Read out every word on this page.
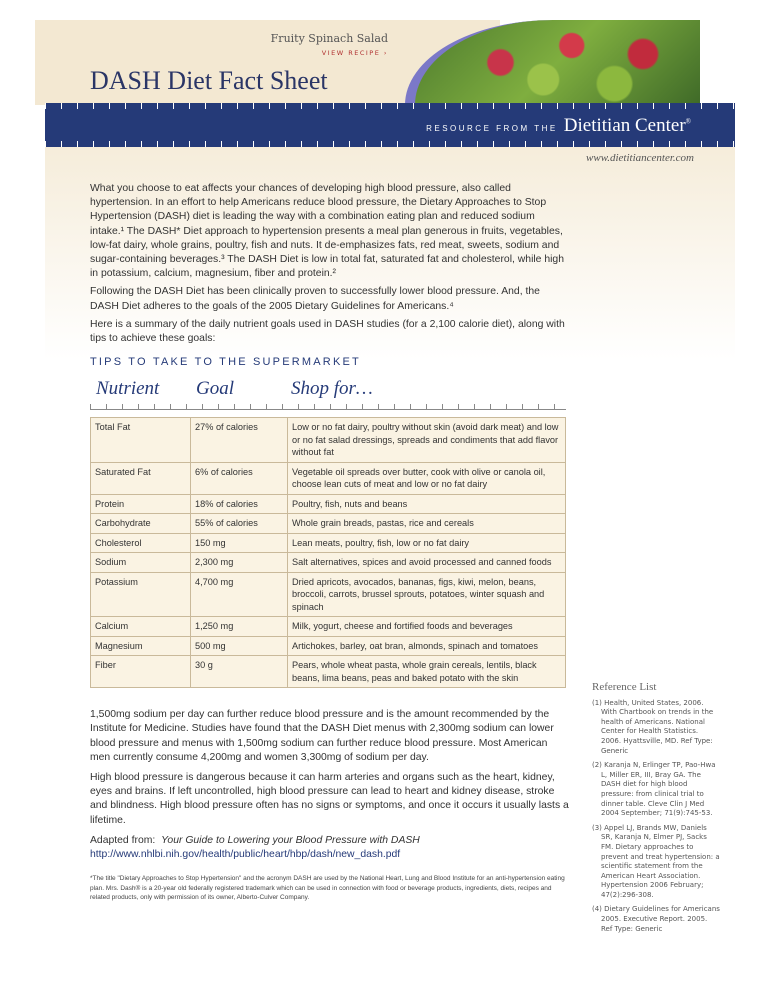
Fruity Spinach Salad
VIEW RECIPE ›
DASH Diet Fact Sheet
RESOURCE FROM THE Dietitian Center®
www.dietitiancenter.com

What you choose to eat affects your chances of developing high blood pressure, also called hypertension. In an effort to help Americans reduce blood pressure, the Dietary Approaches to Stop Hypertension (DASH) diet is leading the way with a combination eating plan and reduced sodium intake.¹ The DASH* Diet approach to hypertension presents a meal plan generous in fruits, vegetables, low-fat dairy, whole grains, poultry, fish and nuts. It de-emphasizes fats, red meat, sweets, sodium and sugar-containing beverages.³ The DASH Diet is low in total fat, saturated fat and cholesterol, while high in potassium, calcium, magnesium, fiber and protein.²

Following the DASH Diet has been clinically proven to successfully lower blood pressure. And, the DASH Diet adheres to the goals of the 2005 Dietary Guidelines for Americans.⁴

Here is a summary of the daily nutrient goals used in DASH studies (for a 2,100 calorie diet), along with tips to achieve these goals:

TIPS TO TAKE TO THE SUPERMARKET
Nutrient Goal	Shop for…
Total Fat	27% of calories	Low or no fat dairy, poultry without skin (avoid dark meat) and low or no fat salad dressings, spreads and condiments that add flavor without fat
Saturated Fat	6% of calories	Vegetable oil spreads over butter, cook with olive or canola oil, choose lean cuts of meat and low or no fat dairy
Protein	18% of calories	Poultry, fish, nuts and beans
Carbohydrate	55% of calories	Whole grain breads, pastas, rice and cereals
Cholesterol	150 mg	Lean meats, poultry, fish, low or no fat dairy
Sodium	2,300 mg	Salt alternatives, spices and avoid processed and canned foods
Potassium	4,700 mg	Dried apricots, avocados, bananas, figs, kiwi, melon, beans, broccoli, carrots, brussel sprouts, potatoes, winter squash and spinach
Calcium	1,250 mg	Milk, yogurt, cheese and fortified foods and beverages
Magnesium	500 mg	Artichokes, barley, oat bran, almonds, spinach and tomatoes
Fiber	30 g	Pears, whole wheat pasta, whole grain cereals, lentils, black beans, lima beans, peas and baked potato with the skin

1,500mg sodium per day can further reduce blood pressure and is the amount recommended by the Institute for Medicine. Studies have found that the DASH Diet menus with 2,300mg sodium can lower blood pressure and menus with 1,500mg sodium can further reduce blood pressure. Most American men currently consume 4,200mg and women 3,300mg of sodium per day.

High blood pressure is dangerous because it can harm arteries and organs such as the heart, kidney, eyes and brains. If left uncontrolled, high blood pressure can lead to heart and kidney disease, stroke and blindness. High blood pressure often has no signs or symptoms, and once it occurs it usually lasts a lifetime.

Adapted from: Your Guide to Lowering your Blood Pressure with DASH
http://www.nhlbi.nih.gov/health/public/heart/hbp/dash/new_dash.pdf
*The title "Dietary Approaches to Stop Hypertension" and the acronym DASH are used by the National Heart, Lung and Blood Institute for an anti-hypertension eating plan. Mrs. Dash® is a 20-year old federally registered trademark which can be used in connection with food or beverage products, ingredients, diets, recipes and related products, only with permission of its owner, Alberto-Culver Company.
Reference List
(1) Health, United States, 2006. With Chartbook on trends in the health of Americans. National Center for Health Statistics. 2006. Hyattsville, MD. Ref Type: Generic
(2) Karanja N, Erlinger TP, Pao-Hwa L, Miller ER, III, Bray GA. The DASH diet for high blood pressure: from clinical trial to dinner table. Cleve Clin J Med 2004 September; 71(9):745-53.
(3) Appel LJ, Brands MW, Daniels SR, Karanja N, Elmer PJ, Sacks FM. Dietary approaches to prevent and treat hypertension: a scientific statement from the American Heart Association. Hypertension 2006 February; 47(2):296-308.
(4) Dietary Guidelines for Americans 2005. Executive Report. 2005. Ref Type: Generic
